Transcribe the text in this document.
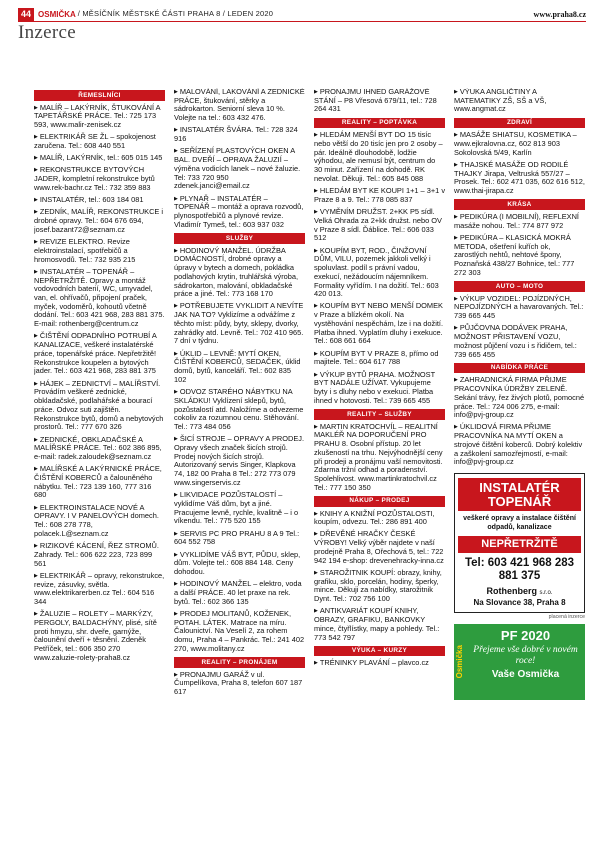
44 OSMIČKA / MĚSÍČNÍK MĚSTSKÉ ČÁSTI PRAHA 8 / LEDEN 2020	www.praha8.cz
Inzerce
ŘEMESLNÍCI
▶ MALÍŘ – LAKÝRNÍK, ŠTUKOVÁNÍ A TAPETÁŘSKÉ PRÁCE. Tel.: 725 173 593, www.malir-zenisek.cz
▶ ELEKTRIKÁŘ SE ŽL – spokojenost zaručena. Tel.: 608 440 551
▶ MALÍŘ, LAKÝRNÍK, tel.: 605 015 145
▶ REKONSTRUKCE BYTOVÝCH JADER, kompletní rekonstrukce bytů www.rek-bachr.cz Tel.: 732 359 883
▶ INSTALATÉR, tel.: 603 184 081
▶ ZEDNÍK, MALÍŘ, REKONSTRUKCE i drobné opravy. Tel.: 604 676 694, josef.bazant72@seznam.cz
▶ REVIZE ELEKTRO. Revize elektroinstalací, spotřebičů a hromosvodů. Tel.: 732 935 215
▶ INSTALATÉR – TOPENÁŘ – NEPŘETRŽITĚ. Opravy a montáž vodovodních baterií, WC, umyvadel, van, el. ohřívačů, připojení praček, myček, vodoměrů, kohoutů včetně dodání. Tel.: 603 421 968, 283 881 375. E-mail: rothenberg@centrum.cz
▶ ČIŠTĚNÍ ODPADNÍHO POTRUBÍ A KANALIZACE, veškeré instalatérské práce, topenářské práce. Nepřetržitě! Rekonstrukce koupelen a bytových jader. Tel.: 603 421 968, 283 881 375
▶ HÁJEK – ZEDNICTVÍ – MALÍŘSTVÍ. Provádím veškeré zednické, obkladačské, podlahářské a bourací práce. Odvoz suti zajištěn. Rekonstrukce bytů, domů a nebytových prostorů. Tel.: 777 670 326
▶ ZEDNICKÉ, OBKLADAČSKÉ A MALÍŘSKÉ PRÁCE. Tel.: 602 386 895, e-mail: radek.zaloudek@seznam.cz
▶ MALÍŘSKÉ A LAKÝRNICKÉ PRÁCE, ČIŠTĚNÍ KOBERCŮ a čalouněného nábytku. Tel.: 723 139 160, 777 316 680
▶ ELEKTROINSTALACE NOVÉ A OPRAVY. I V PANELOVÝCH domech. Tel.: 608 278 778, polacek.L@seznam.cz
▶ RIZIKOVÉ KÁCENÍ, ŘEZ STROMŮ. Zahrady. Tel.: 606 622 223, 723 899 561
▶ ELEKTRIKÁŘ – opravy, rekonstrukce, revize, zásuvky, světla. www.elektrikarerben.cz Tel.: 604 516 344
▶ ŽALUZIE – ROLETY – MARKÝZY, PERGOLY, BALDACHÝNY, plisé, sítě proti hmyzu, shr. dveře, garnýže, čalounění dveří + těsnění. Zdeněk Petříček, tel.: 606 350 270 www.zaluzie-rolety-praha8.cz
▶ MALOVÁNÍ, LAKOVÁNÍ A ZEDNICKÉ PRÁCE, štukování, stěrky a sádrokarton. Seniorní sleva 10 %. Volejte na tel.: 603 432 476.
▶ INSTALATÉR ŠVÁRA. Tel.: 728 324 916
▶ SEŘÍZENÍ PLASTOVÝCH OKEN A BAL. DVEŘÍ – OPRAVA ŽALUZIÍ – výměna vodicích lanek – nové žaluzie. Tel: 733 720 950 zdenek.janci@email.cz
▶ PLYNAŘ – INSTALATÉR – TOPENÁŘ – montáž a oprava rozvodů, plynospotřebičů a plynové revize. Vladimír Tymeš, tel.: 603 937 032
SLUŽBY
▶ HODINOVÝ MANŽEL. ÚDRŽBA DOMÁCNOSTÍ, drobné opravy a úpravy v bytech a domech, pokládka podlahových krytin, truhlářská výroba, sádrokarton, malování, obkladačské práce a jiné. Tel.: 773 168 170
▶ POTŘEBUJETE VYKLIDIT A NEVÍTE JAK NA TO? Vyklizíme a odvážíme z těchto míst: půdy, byty, sklepy, dvorky, zahrádky atd. Levně. Tel.: 702 410 965. 7 dní v týdnu.
▶ ÚKLID – LEVNĚ: MYTÍ OKEN, ČIŠTĚNÍ KOBERCŮ, SEDAČEK, úklid domů, bytů, kanceláří. Tel.: 602 835 102
▶ ODVOZ STARÉHO NÁBYTKU NA SKLÁDKU! Vyklízení sklepů, bytů, pozůstalostí atd. Naložíme a odvezeme cokoliv za rozumnou cenu. Stěhování. Tel.: 773 484 056
▶ ŠICÍ STROJE – OPRAVY A PRODEJ. Opravy všech značek šicích strojů. Prodej nových šicích strojů. Autorizovaný servis Singer, Klapkova 74, 182 00 Praha 8 Tel.: 272 773 079 www.singerservis.cz
▶ LIKVIDACE POZŮSTALOSTÍ – vyklidíme Váš dům, byt a jiné. Pracujeme levně, rychle, kvalitně – i o víkendu. Tel.: 775 520 155
▶ SERVIS PC PRO PRAHU 8 A 9 Tel.: 604 552 758
▶ VYKLIDÍME VÁŠ BYT, PŮDU, sklep, dům. Volejte tel.: 608 884 148. Ceny dohodou.
▶ HODINOVÝ MANŽEL – elektro, voda a další PRÁCE. 40 let praxe na rek. bytů. Tel.: 602 366 135
▶ PRODEJ MOLITANŮ, KOŽENEK, POTAH. LÁTEK. Matrace na míru. Čalounictví. Na Veselí 2, za rohem domu, Praha 4 – Pankrác. Tel.: 241 402 270, www.molitany.cz
REALITY – PRONÁJEM
▶ PRONAJMU GARÁŽ v ul. Čumpelíkova, Praha 8, telefon 607 187 617
▶ PRONAJMU IHNED GARÁŽOVÉ STÁNÍ – P8 Vřesová 679/11, tel.: 728 264 431
REALITY – POPTÁVKA
▶ HLEDÁM MENŠÍ BYT DO 15 tisíc nebo větší do 20 tisíc jen pro 2 osoby – pár. Ideálně dlouhodobě, lodžie výhodou, ale nemusí být, centrum do 30 minut. Zařízení na dohodě. RK nevolat. Děkuji. Tel.: 605 845 088
▶ HLEDÁM BYT KE KOUPI 1+1 – 3+1 v Praze 8 a 9. Tel.: 778 085 837
▶ VYMĚNÍM DRUŽST. 2+KK P5 sídl. Velká Ohrada za 2+kk družst. nebo OV v Praze 8 sídl. Ďáblice. Tel.: 606 033 512
▶ KOUPÍM BYT, ROD., ČINŽOVNÍ DŮM, VILU, pozemek jakkoli velký i spoluvlast. podíl s právní vadou, exekucí, nežádoucím nájemníkem. Formality vyřídím. I na dožití. Tel.: 603 420 013.
▶ KOUPÍM BYT NEBO MENŠÍ DOMEK v Praze a blízkém okolí. Na vystěhování nespěchám, lze i na dožití. Platba ihned. Vyplatím dluhy i exekuce. Tel.: 608 661 664
▶ KOUPÍM BYT V PRAZE 8, přímo od majitele. Tel.: 604 617 788
▶ VÝKUP BYTŮ PRAHA. MOŽNOST BYT NADÁLE UŽÍVAT. Vykupujeme byty i s dluhy nebo v exekuci. Platba ihned v hotovosti. Tel.: 739 665 455
REALITY – SLUŽBY
▶ MARTIN KRATOCHVÍL – REALITNÍ MAKLÉŘ NA DOPORUČENÍ PRO PRAHU 8. Osobní přístup. 20 let zkušeností na trhu. Nejvýhodnější ceny při prodeji a pronájmu vaší nemovitosti. Zdarma tržní odhad a poradenství. Spolehlivost. www.martinkratochvil.cz Tel.: 777 150 350
NÁKUP – PRODEJ
▶ KNIHY A KNIŽNÍ POZŮSTALOSTI, koupím, odvezu. Tel.: 286 891 400
▶ DŘEVĚNÉ HRAČKY ČESKÉ VÝROBY! Velký výběr najdete v naší prodejně Praha 8, Ořechová 5, tel.: 722 942 194 e-shop: drevenehracky-inna.cz
▶ STAROŽITNIK KOUPÍ: obrazy, knihy, grafiku, sklo, porcelán, hodiny, šperky, mince. Děkuji za nabídky, starožitnik Dynt. Tel.: 702 756 100
▶ ANTIKVARIÁT KOUPÍ KNIHY, OBRAZY, GRAFIKU, BANKOVKY mince, čtyřlístky, mapy a pohledy. Tel.: 773 542 797
VÝUKA – KURZY
▶ TRÉNINKY PLAVÁNÍ – plavco.cz
▶ VÝUKA ANGLIČTINY A MATEMATIKY ZŠ, SŠ a VŠ, www.angmat.cz
ZDRAVÍ
▶ MASÁŽE SHIATSU, KOSMETIKA – www.ejkralovna.cz, 602 813 903 Sokolovská 5/49, Karlín
▶ THAJSKÉ MASÁŽE OD RODILÉ THAJKY Jirapa, Veltruská 557/27 – Prosek. Tel.: 602 471 035, 602 616 512, www.thai-jirapa.cz
KRÁSA
▶ PEDIKÚRA (I MOBILNÍ), REFLEXNÍ masáže nohou. Tel.: 774 877 972
▶ PEDIKÚRA – KLASICKÁ MOKRÁ METODA, ošetření kuřích ok, zarostlých nehtů, nehtové špony, Poznaňská 438/27 Bohnice, tel.: 777 272 303
AUTO – MOTO
▶ VÝKUP VOZIDEL: POJÍZDNÝCH, NEPOJÍZDNÝCH a havarovaných. Tel.: 739 665 445
▶ PŮJČOVNA DODÁVEK PRAHA, MOŽNOST PŘISTAVENÍ VOZU, možnost půjčení vozu i s řidičem, tel.: 739 665 455
NABÍDKA PRÁCE
▶ ZAHRADNICKÁ FIRMA PŘIJME PRACOVNÍKA ÚDRŽBY ZELENĚ. Sekání trávy, řez živých plotů, pomocné práce. Tel.: 724 006 275, e-mail: info@pvj-group.cz
▶ ÚKLIDOVÁ FIRMA PŘIJME PRACOVNÍKA NA MYTÍ OKEN a strojové čištění koberců. Dobrý kolektiv a zaškolení samozřejmostí, e-mail: info@pvj-group.cz
INSTALATÉR TOPENÁŘ
veškeré opravy a instalace čištění odpadů, kanalizace
NEPŘETRŽITĚ
Tel: 603 421 968 283 881 375
Rothenberg s.r.o.
Na Slovance 38, Praha 8
placená inzerce
Osmička
PF 2020
Přejeme vše dobré v novém roce!
Vaše Osmička
